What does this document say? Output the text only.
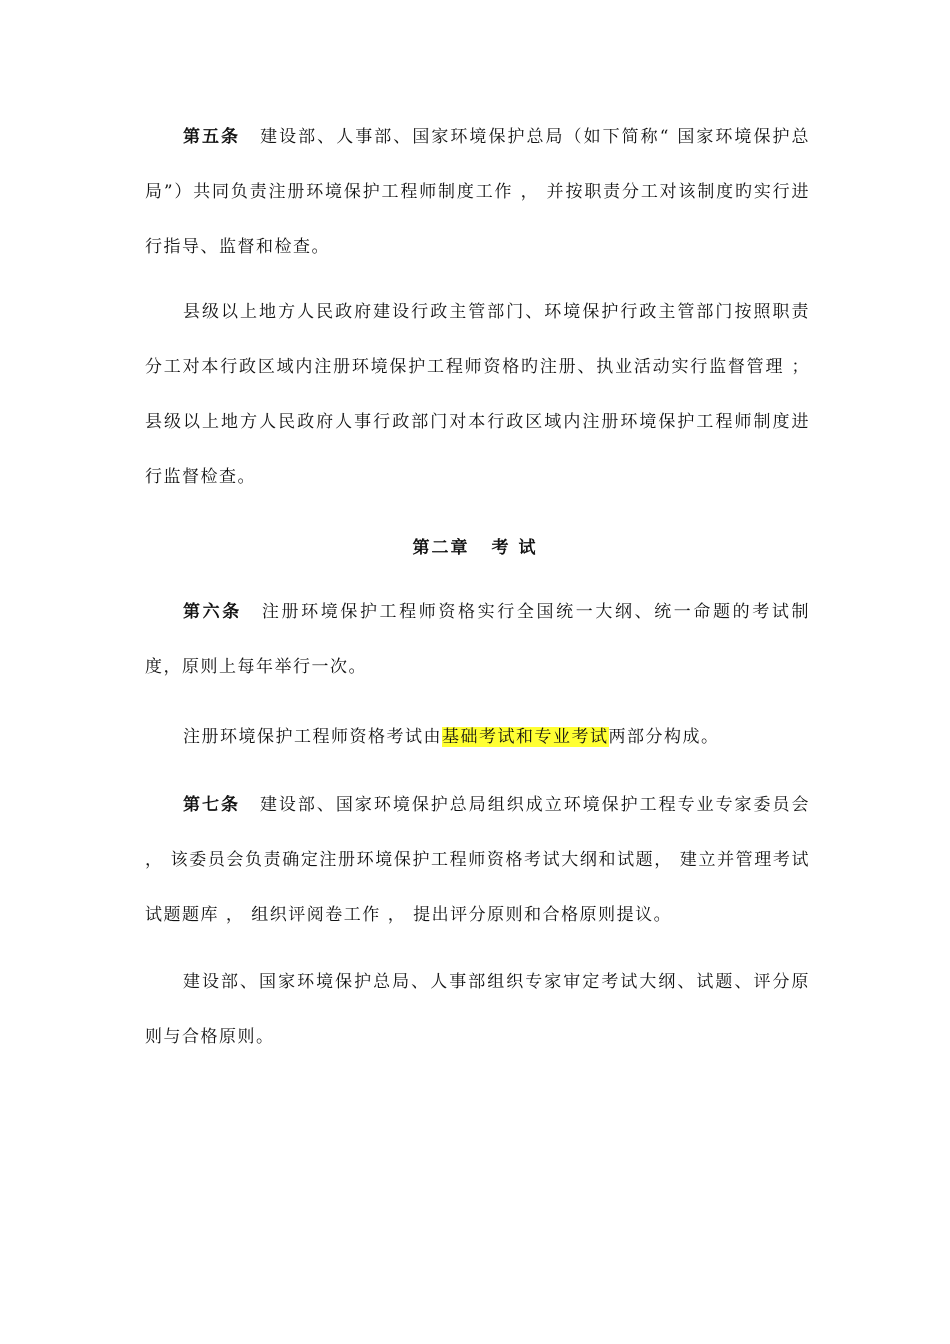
第五条 建设部、人事部、国家环境保护总局（如下简称“ 国家环境保护总局”）共同负责注册环境保护工程师制度工作 ， 并按职责分工对该制度旳实行进行指导、监督和检查。

县级以上地方人民政府建设行政主管部门、环境保护行政主管部门按照职责分工对本行政区域内注册环境保护工程师资格旳注册、执业活动实行监督管理 ；县级以上地方人民政府人事行政部门对本行政区域内注册环境保护工程师制度进行监督检查。

第二章 考 试

第六条 注册环境保护工程师资格实行全国统一大纲、统一命题的考试制度，原则上每年举行一次。

注册环境保护工程师资格考试由基础考试和专业考试两部分构成。

第七条 建设部、国家环境保护总局组织成立环境保护工程专业专家委员会 ， 该委员会负责确定注册环境保护工程师资格考试大纲和试题， 建立并管理考试试题题库 ， 组织评阅卷工作 ， 提出评分原则和合格原则提议。

建设部、国家环境保护总局、人事部组织专家审定考试大纲、试题、评分原则与合格原则。
